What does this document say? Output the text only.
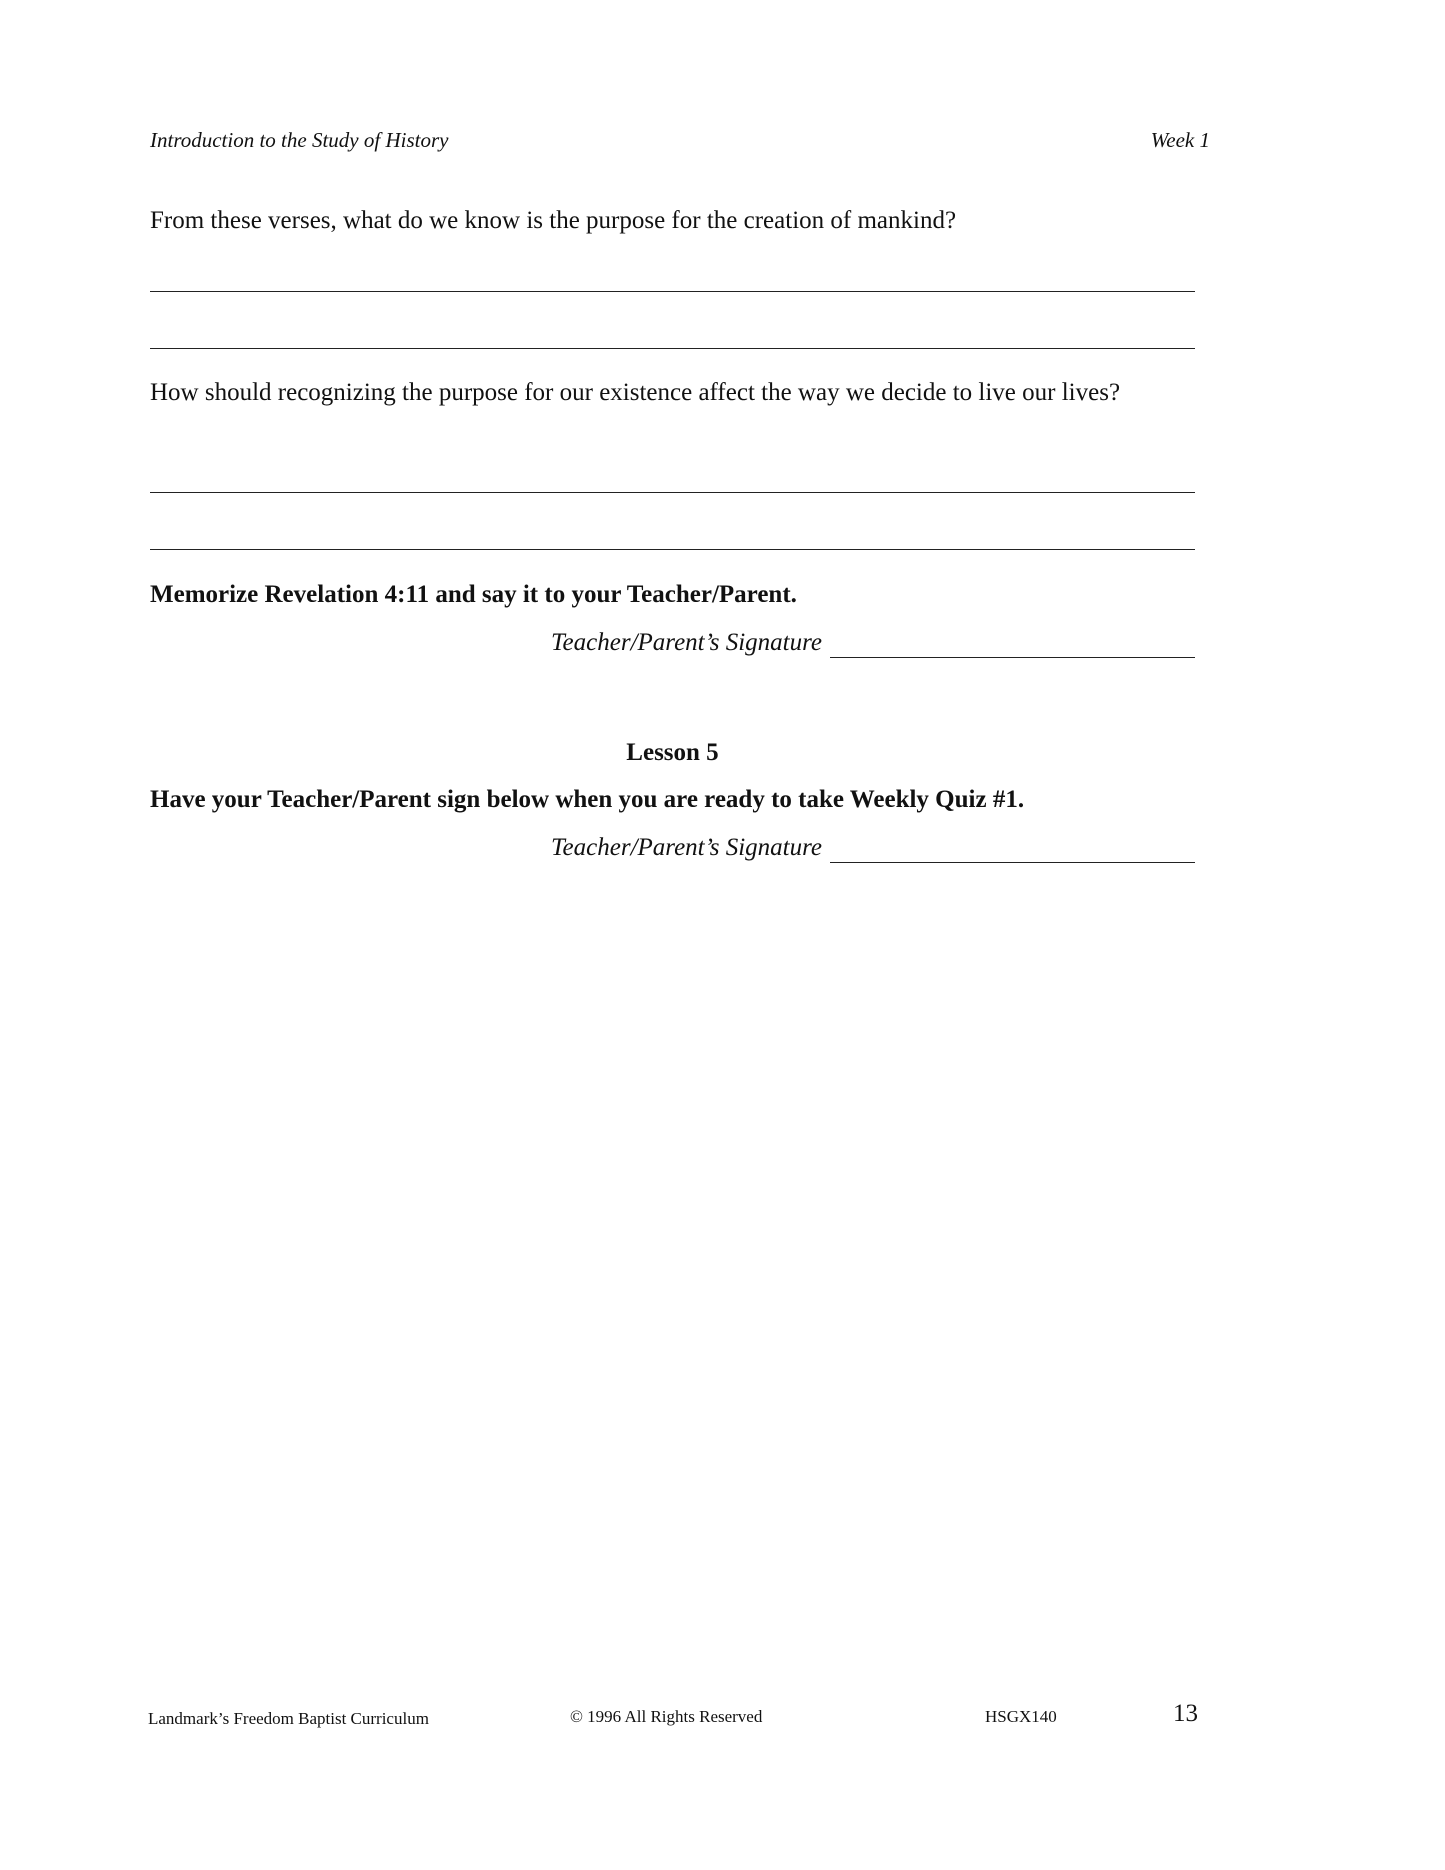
Introduction to the Study of History	Week 1
From these verses, what do we know is the purpose for the creation of mankind?
How should recognizing the purpose for our existence affect the way we decide to live our lives?
Memorize Revelation 4:11 and say it to your Teacher/Parent.
Teacher/Parent’s Signature
Lesson 5
Have your Teacher/Parent sign below when you are ready to take Weekly Quiz #1.
Teacher/Parent’s Signature
Landmark’s Freedom Baptist Curriculum	© 1996 All Rights Reserved	HSGX140	13
